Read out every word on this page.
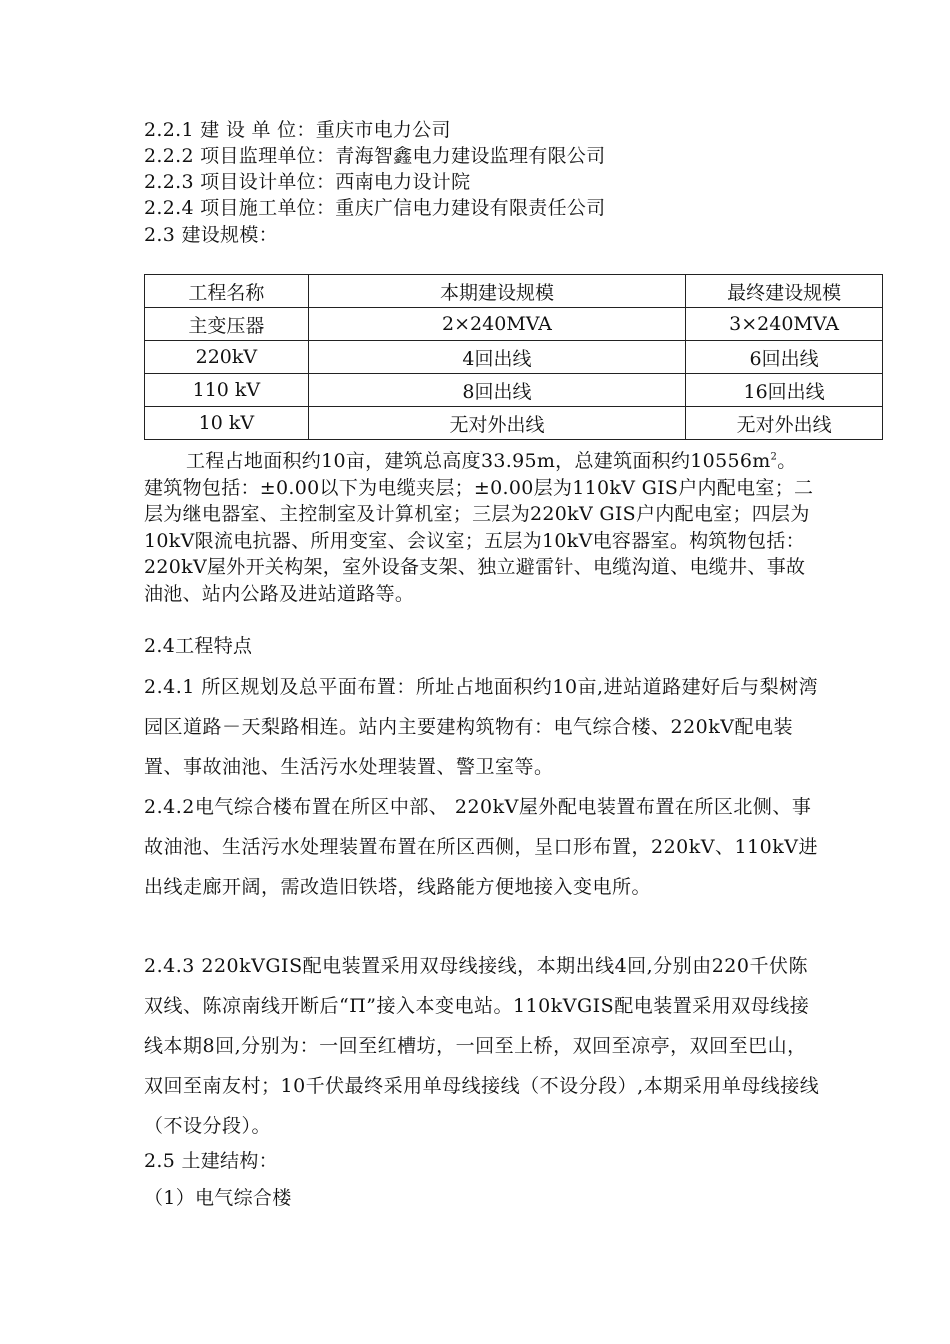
2.2.1 建 设 单 位：重庆市电力公司
2.2.2 项目监理单位：青海智鑫电力建设监理有限公司
2.2.3 项目设计单位：西南电力设计院
2.2.4 项目施工单位：重庆广信电力建设有限责任公司
2.3 建设规模：
工程名称	本期建设规模	最终建设规模
主变压器	2×240MVA	3×240MVA
220kV	4回出线	6回出线
110 kV	8回出线	16回出线
10 kV	无对外出线	无对外出线
工程占地面积约10亩，建筑总高度33.95m，总建筑面积约$10556m^2$。建筑物包括：±0.00以下为电缆夹层；±0.00层为110kV GIS户内配电室；二层为继电器室、主控制室及计算机室；三层为220kV GIS户内配电室；四层为10kV限流电抗器、所用变室、会议室；五层为10kV电容器室。构筑物包括：220kV屋外开关构架，室外设备支架、独立避雷针、电缆沟道、电缆井、事故油池、站内公路及进站道路等。
2.4工程特点
2.4.1 所区规划及总平面布置：所址占地面积约10亩,进站道路建好后与梨树湾园区道路－天梨路相连。站内主要建构筑物有：电气综合楼、220kV配电装置、事故油池、生活污水处理装置、警卫室等。
2.4.2电气综合楼布置在所区中部、 220kV屋外配电装置布置在所区北侧、事故油池、生活污水处理装置布置在所区西侧，呈口形布置，220kV、110kV进出线走廊开阔，需改造旧铁塔，线路能方便地接入变电所。
2.4.3 220kVGIS配电装置采用双母线接线，本期出线4回,分别由220千伏陈双线、陈凉南线开断后“Π”接入本变电站。110kVGIS配电装置采用双母线接线本期8回,分别为：一回至红槽坊，一回至上桥，双回至凉亭，双回至巴山，双回至南友村；10千伏最终采用单母线接线（不设分段）,本期采用单母线接线（不设分段）。
2.5 土建结构：
（1）电气综合楼
